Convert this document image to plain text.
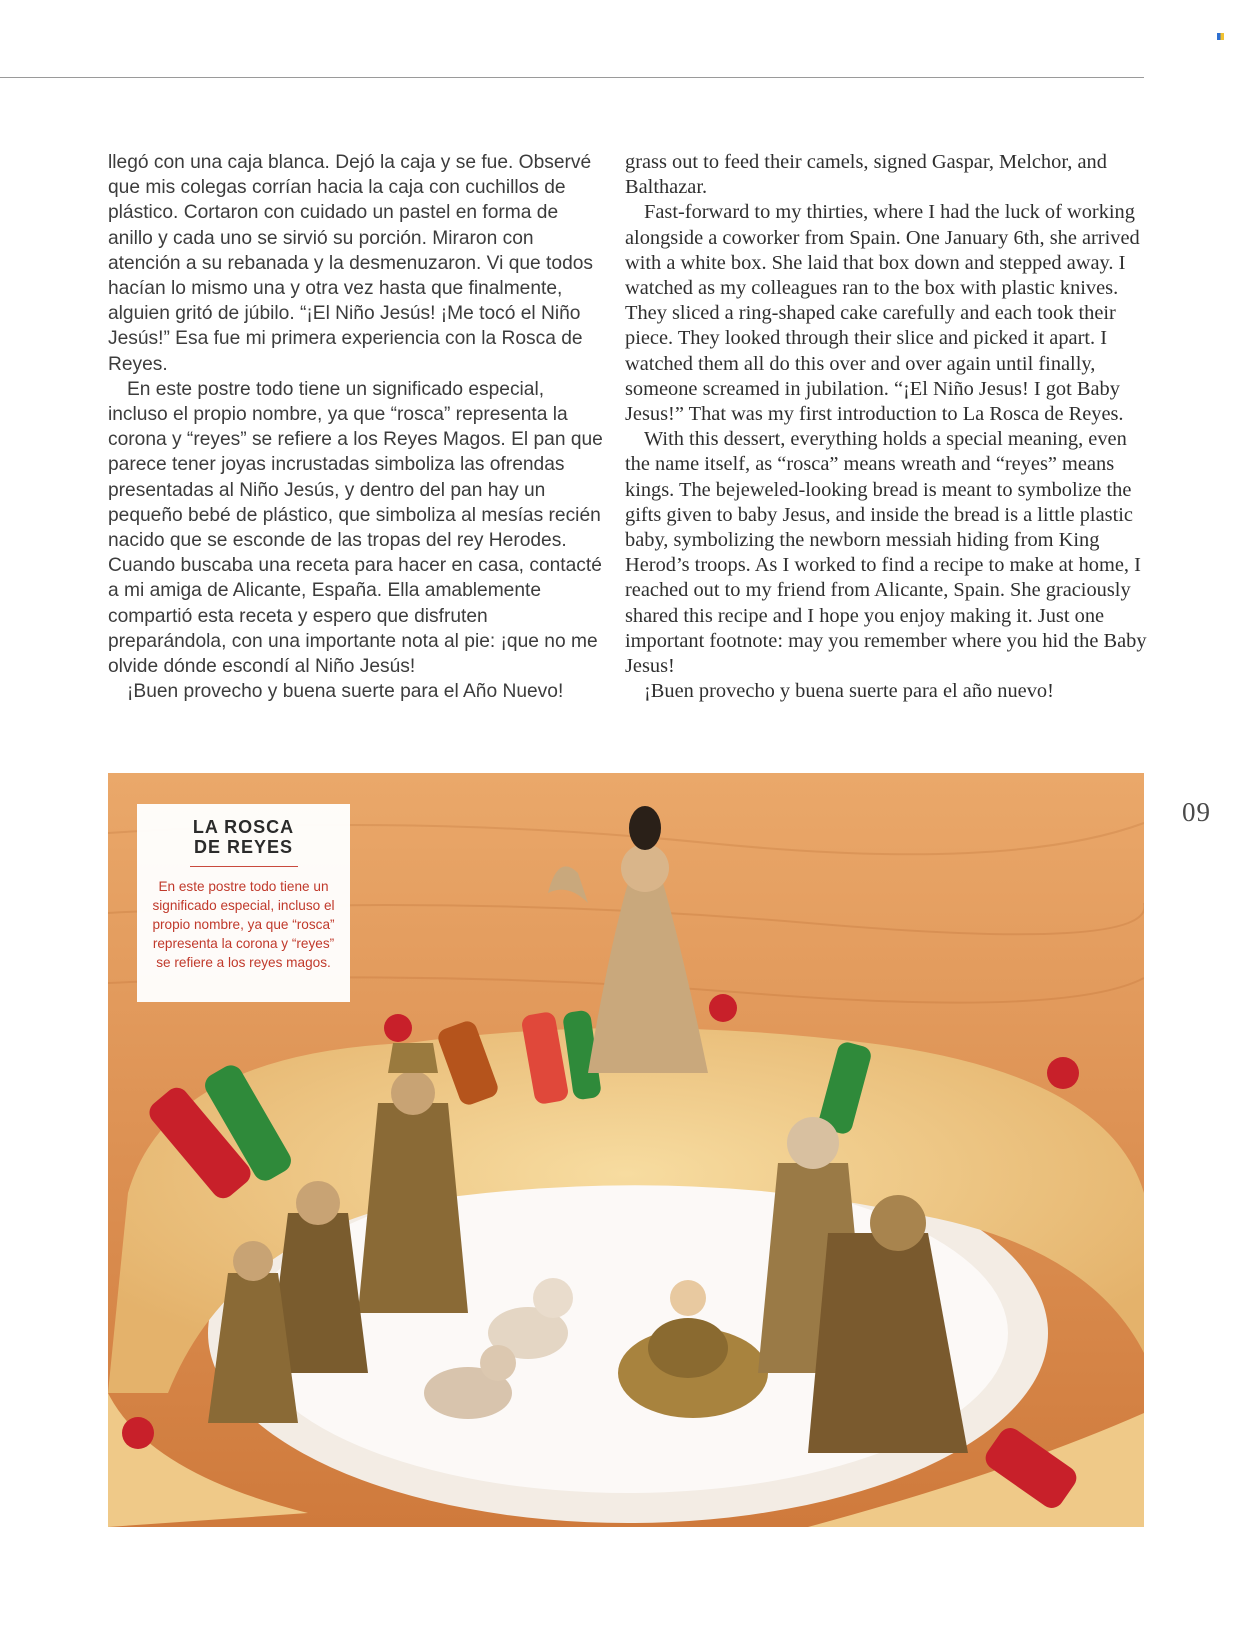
llegó con una caja blanca. Dejó la caja y se fue. Observé que mis colegas corrían hacia la caja con cuchillos de plástico. Cortaron con cuidado un pastel en forma de anillo y cada uno se sirvió su porción. Miraron con atención a su rebanada y la desmenuzaron. Vi que todos hacían lo mismo una y otra vez hasta que finalmente, alguien gritó de júbilo. “¡El Niño Jesús! ¡Me tocó el Niño Jesús!” Esa fue mi primera experiencia con la Rosca de Reyes.

En este postre todo tiene un significado especial, incluso el propio nombre, ya que “rosca” representa la corona y “reyes” se refiere a los Reyes Magos. El pan que parece tener joyas incrustadas simboliza las ofrendas presentadas al Niño Jesús, y dentro del pan hay un pequeño bebé de plástico, que simboliza al mesías recién nacido que se esconde de las tropas del rey Herodes. Cuando buscaba una receta para hacer en casa, contacté a mi amiga de Alicante, España. Ella amablemente compartió esta receta y espero que disfruten preparándola, con una importante nota al pie: ¡que no me olvide dónde escondí al Niño Jesús!

¡Buen provecho y buena suerte para el Año Nuevo!

grass out to feed their camels, signed Gaspar, Melchor, and Balthazar.

Fast-forward to my thirties, where I had the luck of working alongside a coworker from Spain. One January 6th, she arrived with a white box. She laid that box down and stepped away. I watched as my colleagues ran to the box with plastic knives. They sliced a ring-shaped cake carefully and each took their piece. They looked through their slice and picked it apart. I watched them all do this over and over again until finally, someone screamed in jubilation. “¡El Niño Jesus! I got Baby Jesus!” That was my first introduction to La Rosca de Reyes.

With this dessert, everything holds a special meaning, even the name itself, as “rosca” means wreath and “reyes” means kings. The bejeweled-looking bread is meant to symbolize the gifts given to baby Jesus, and inside the bread is a little plastic baby, symbolizing the newborn messiah hiding from King Herod’s troops. As I worked to find a recipe to make at home, I reached out to my friend from Alicante, Spain. She graciously shared this recipe and I hope you enjoy making it. Just one important footnote: may you remember where you hid the Baby Jesus!

¡Buen provecho y buena suerte para el año nuevo!

09
LA ROSCA
DE REYES

En este postre todo tiene un significado especial, incluso el propio nombre, ya que “rosca” representa la corona y “reyes” se refiere a los reyes magos.
